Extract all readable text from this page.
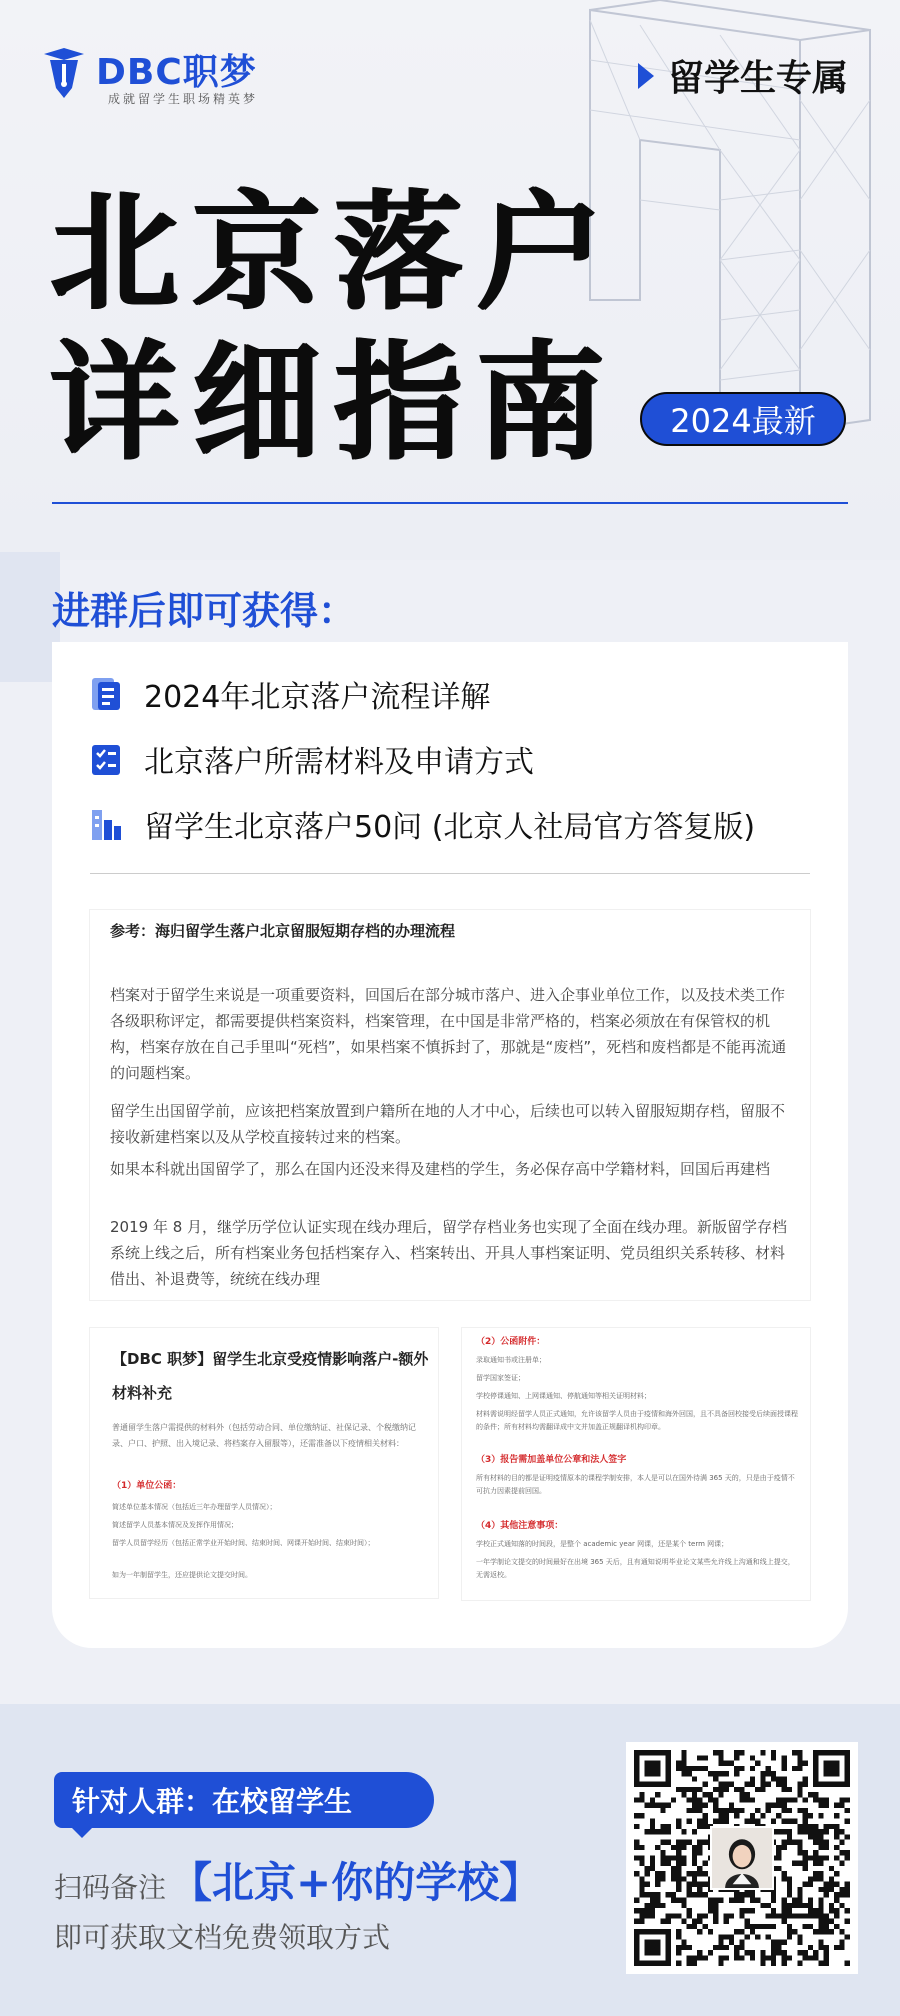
DBC职梦
成就留学生职场精英梦	留学生专属
北京落户
详细指南	2024最新
进群后即可获得：
2024年北京落户流程详解
北京落户所需材料及申请方式
留学生北京落户50问 (北京人社局官方答复版)
参考：海归留学生落户北京留服短期存档的办理流程
档案对于留学生来说是一项重要资料，回国后在部分城市落户、进入企事业单位工作，以及技术类工作各级职称评定，都需要提供档案资料，档案管理，在中国是非常严格的，档案必须放在有保管权的机构，档案存放在自己手里叫“死档”，如果档案不慎拆封了，那就是“废档”，死档和废档都是不能再流通的问题档案。
留学生出国留学前，应该把档案放置到户籍所在地的人才中心，后续也可以转入留服短期存档，留服不接收新建档案以及从学校直接转过来的档案。
如果本科就出国留学了，那么在国内还没来得及建档的学生，务必保存高中学籍材料，回国后再建档
2019 年 8 月，继学历学位认证实现在线办理后，留学存档业务也实现了全面在线办理。新版留学存档系统上线之后，所有档案业务包括档案存入、档案转出、开具人事档案证明、党员组织关系转移、材料借出、补退费等，统统在线办理
【DBC 职梦】留学生北京受疫情影响落户-额外材料补充
普通留学生落户需提供的材料外（包括劳动合同、单位缴纳证、社保记录、个税缴纳记录、户口、护照、出入境记录、将档案存入留服等），还需准备以下疫情相关材料：
（1）单位公函：
简述单位基本情况（包括近三年办理留学人员情况）；
简述留学人员基本情况及发挥作用情况；
留学人员留学经历（包括正常学业开始时间、结束时间、网课开始时间、结束时间）；
如为一年制留学生，还应提供论文提交时间。
（2）公函附件：
录取通知书或注册单；
留学国家签证；
学校停课通知、上网课通知、停航通知等相关证明材料；
材料需说明经留学人员正式通知，允许该留学人员由于疫情和海外回国，且不具备回校接受后续面授课程的条件；所有材料均需翻译成中文并加盖正规翻译机构印章。
（3）报告需加盖单位公章和法人签字
所有材料的目的都是证明疫情原本的课程学制安排，本人是可以在国外待满 365 天的，只是由于疫情不可抗力因素提前回国。
（4）其他注意事项：
学校正式通知落的时间段，是整个 academic year 网课，还是某个 term 网课；
一年学制论文提交的时间最好在出境 365 天后，且有通知说明毕业论文某些允许线上沟通和线上提交，无需返校。
针对人群：在校留学生
扫码备注 【北京+你的学校】
即可获取文档免费领取方式
